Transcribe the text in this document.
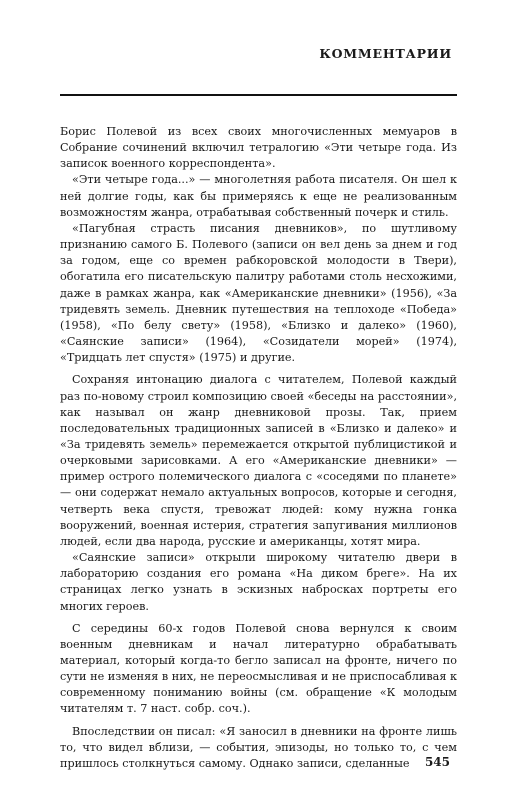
КОММЕНТАРИИ

Борис Полевой из всех своих многочисленных мемуаров в Собрание сочинений включил тетралогию «Эти четыре года. Из записок военного корреспондента».

«Эти четыре года...» — многолетняя работа писателя. Он шел к ней долгие годы, как бы примеряясь к еще не реализованным возможностям жанра, отрабатывая собственный почерк и стиль.

«Пагубная страсть писания дневников», по шутливому признанию самого Б. Полевого (записи он вел день за днем и год за годом, еще со времен рабкоровской молодости в Твери), обогатила его писательскую палитру работами столь несхожими, даже в рамках жанра, как «Американские дневники» (1956), «За тридевять земель. Дневник путешествия на теплоходе «Победа» (1958), «По белу свету» (1958), «Близко и далеко» (1960), «Саянские записи» (1964), «Созидатели морей» (1974), «Тридцать лет спустя» (1975) и другие.

Сохраняя интонацию диалога с читателем, Полевой каждый раз по-новому строил композицию своей «беседы на расстоянии», как называл он жанр дневниковой прозы. Так, прием последовательных традиционных записей в «Близко и далеко» и «За тридевять земель» перемежается открытой публицистикой и очерковыми зарисовками. А его «Американские дневники» — пример острого полемического диалога с «соседями по планете» — они содержат немало актуальных вопросов, которые и сегодня, четверть века спустя, тревожат людей: кому нужна гонка вооружений, военная истерия, стратегия запугивания миллионов людей, если два народа, русские и американцы, хотят мира.

«Саянские записи» открыли широкому читателю двери в лабораторию создания его романа «На диком бреге». На их страницах легко узнать в эскизных набросках портреты его многих героев.

С середины 60-х годов Полевой снова вернулся к своим военным дневникам и начал литературно обрабатывать материал, который когда-то бегло записал на фронте, ничего по сути не изменяя в них, не переосмысливая и не приспосабливая к современному пониманию войны (см. обращение «К молодым читателям т. 7 наст. собр. соч.).

Впоследствии он писал: «Я заносил в дневники на фронте лишь то, что видел вблизи, — события, эпизоды, но только то, с чем пришлось столкнуться самому. Однако записи, сделанные	545
